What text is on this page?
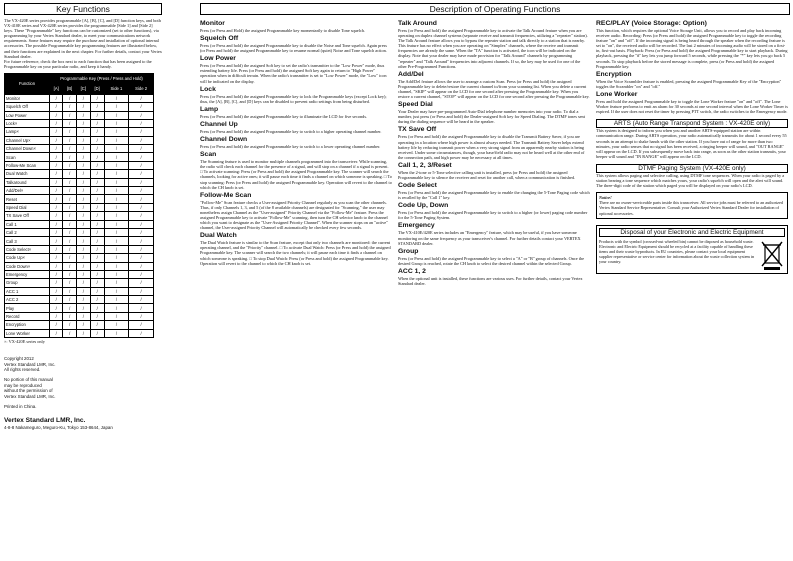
Key Functions	Description of Operating Functions

The VX-420E series provides programmable [A], [B], [C], and [D] function keys, and both VX-410E series and VX-420E series provides the programmable [Side 1] and [Side 2] keys. These "Programmable" key functions can be customized (set to other functions), via programming by your Vertex Standard dealer, to meet your communications network requirements. Some features may require the purchase and installation of optional internal accessories. The possible Programmable key programming features are illustrated below, and their functions are explained in the next chapter. For further details, contact your Vertex Standard dealer.

For future reference, check the box next to each function that has been assigned to the Programmable key on your particular radio, and keep it handy.

Function	Programmable Key (Press / Press and Hold)					
	[A]	[B]	[C]	[D]	Side 1	Side 2
Monitor	/	/	/	/	/	/
Squelch Off	/	/	/	/	/	/
Low Power	/	/	/	/	/	/
Lock×	/	/	/	/	/	/
Lamp×	/	/	/	/	/	/
Channel Up×	/	/	/	/	/	/
Channel Down×	/	/	/	/	/	/
Scan	/	/	/	/	/	/
Follow-Me Scan	/	/	/	/	/	/
Dual Watch	/	/	/	/	/	/
Talkaround	/	/	/	/	/	/
Add/Del×	/	/	/	/	/	/
Reset	/	/	/	/	/	/
Speed Dial	/	/	/	/	/	/
TX Save Off	/	/	/	/	/	/
Call 1	/	/	/	/	/	/
Call 2	/	/	/	/	/	/
Call 3	/	/	/	/	/	/
Code Select×	/	/	/	/	/	/
Code Up×	/	/	/	/	/	/
Code Down×	/	/	/	/	/	/
Emergency	/	/	/	/	/	/
Group	/	/	/	/	/	/
ACC 1	/	/	/	/	/	/
ACC 2	/	/	/	/	/	/
Play	/	/	/	/	/	/
Record	/	/	/	/	/	/
Encryption	/	/	/	/	/	/
Lone Worker	/	/	/	/	/	/
×: VX-420E series only
Copyright 2012
Vertex Standard LMR, Inc.
All rights reserved.
No portion of this manual
may be reproduced
without the permission of
Vertex Standard LMR, Inc.
Printed in China.
Vertex Standard LMR, Inc.
4-8-8 Nakameguro, Meguro-Ku, Tokyo 153-8644, Japan
Monitor

Press (or Press and Hold) the assigned Programmable key momentarily to disable Tone squelch.

Squelch Off

Press (or Press and hold) the assigned Programmable key to disable the Noise and Tone squelch. Again press (or Press and hold) the assigned Programmable key to resume normal (quiet) Noise and Tone squelch action.

Low Power

Press (or Press and hold) the assigned Soft key to set the radio's transmitter to the "Low Power" mode, thus extending battery life. Press (or Press and hold) the assigned Soft key again to return to "High Power" operation when in difficult terrain. When the radio's transmitter is set to "Low Power" mode, the "Low" icon will be indicated on the display.

Lock

Press (or Press and hold) the assigned Programmable key to lock the Programmable keys (except Lock key); thus, the [A], [B], [C], and [D] keys can be disabled to prevent radio settings from being disturbed.

Lamp

Press (or Press and hold) the assigned Programmable key to illuminate the LCD for five seconds.

Channel Up

Press (or Press and hold) the assigned Programmable key to switch to a higher operating channel number.

Channel Down

Press (or Press and hold) the assigned Programmable key to switch to a lower operating channel number.

Scan

The Scanning feature is used to monitor multiple channels programmed into the transceiver. While scanning, the radio will check each channel for the presence of a signal, and will stop on a channel if a signal is present. □ To activate scanning: Press (or Press and hold) the assigned Programmable key. The scanner will search the channels, looking for active ones; it will pause each time it finds a channel on which someone is speaking. □ To stop scanning: Press (or Press and hold) the assigned Programmable key. Operation will revert to the channel to which the CH knob is set.

Follow-Me Scan

"Follow-Me" Scan feature checks a User-assigned Priority Channel regularly as you scan the other channels. Thus, if only Channels 1, 3, and 5 (of the 8 available channels) are designated for "Scanning," the user may nonetheless assign Channel as the "User-assigned" Priority Channel via the "Follow-Me" feature. Press the assigned Programmable key to activate "Follow-Me" scanning, then turn the CH selector knob to the channel which you want to designate as the "User-Assigned Priority Channel". When the scanner stops on an "active" channel, the User-assigned Priority Channel will automatically be checked every few seconds.

Dual Watch

The Dual Watch feature is similar to the Scan feature, except that only two channels are monitored: the current operating channel, and the "Priority" channel. □ To activate Dual Watch: Press (or Press and hold) the assigned Programmable key. The scanner will search the two channels; it will pause each time it finds a channel on which someone is speaking. □ To stop Dual Watch: Press (or Press and hold) the assigned Programmable key. Operation will revert to the channel to which the CH knob is set.

Talk Around

Press (or Press and hold) the assigned Programmable key to activate the Talk Around feature when you are operating on duplex channel systems (separate receive and transmit frequencies, utilizing a "repeater" station). The Talk Around feature allows you to bypass the repeater station and talk directly to a station that is nearby. This feature has no effect when you are operating on "Simplex" channels, where the receive and transmit frequencies are already the same. When the "TA" function is activated, the icon will be indicated on the display. Note that your dealer may have made provision for "Talk Around" channels by programming "repeater" and "Talk Around" frequencies into adjacent channels. If so, the key may be used for one of the other Pre-Programmed Functions.

Add/Del

The Add/Del feature allows the user to arrange a custom Scan. Press (or Press and hold) the assigned Programmable key to delete/restore the current channel to/from your scanning list. When you delete a current channel, "SKIP" will appear on the LCD for one second after pressing the Programmable key. When you restore a current channel, "STOP" will appear on the LCD for one second after pressing the Programmable key.

Speed Dial

Your Dealer may have pre-programmed Auto-Dial telephone number memories into your radio. To dial a number, just press (or Press and hold) the Dealer-assigned Soft key for Speed Dialing. The DTMF tones sent during the dialing sequence will be heard in the speaker.

TX Save Off

Press (or Press and hold) the assigned Programmable key to disable the Transmit Battery Saver, if you are operating in a location where high power is almost always needed. The Transmit Battery Saver helps extend battery life by reducing transmit power when a very strong signal from an apparently nearby station is being received. Under some circumstances, though, your base/field radio may not be heard well at the other end of the connection path, and high power may be necessary at all times.

Call 1, 2, 3/Reset

When the 2-tone or 5-Tone selective calling unit is installed, press (or Press and hold) the assigned Programmable key to silence the receiver and reset for another call, when a communication is finished.

Code Select

Press (or Press and hold) the assigned Programmable key to enable the changing the 5-Tone Paging code which is recalled by the "Call 1" key.

Code Up, Down

Press (or Press and hold) the assigned Programmable key to switch to a higher (or lower) paging code number for the 5-Tone Paging System.

Emergency

The VX-410E/420E series includes an "Emergency" feature, which may be useful, if you have someone monitoring on the same frequency as your transceiver's channel. For further details contact your VERTEX STANDARD dealer.

Group

Press (or Press and hold) the assigned Programmable key to select a "A" or "B" group of channels. Once the desired Group is reached, rotate the CH knob to select the desired channel within the selected Group.

ACC 1, 2

When the optional unit is installed, these functions are various uses. For further details, contact your Vertex Standard dealer.

REC/PLAY (Voice Storage: Option)

This function, which requires the optional Voice Storage Unit, allows you to record and play back incoming receiver audio. Recording: Press (or Press and hold) the assigned Programmable key to toggle the recording feature "on" and "off". If the incoming signal is being heard through the speaker when the recording feature is set to "on", the received audio will be recorded. The last 2 minutes of incoming audio will be stored on a first-in, first-out basis. Playback: Press (or Press and hold) the assigned Programmable key to start playback. During playback, pressing the "#" key lets you jump forward 5 seconds, while pressing the "*" key lets you go back 5 seconds. To stop playback before the stored message is complete, press (or Press and hold) the assigned Programmable key.

Encryption

When the Voice Scrambler feature is enabled, pressing the assigned Programmable Key of the "Encryption" toggles the Scrambler "on" and "off."

Lone Worker

Press and hold the assigned Programmable key to toggle the Lone Worker feature "on" and "off". The Lone Worker feature performs to emit an alarm for 30 seconds at one second interval when the Lone Worker Timer is expired. If the user does not reset the timer by pressing PTT switch, the radio switches to the Emergency mode.

ARTS (Auto Range Transpond System : VX-420E only)

This system is designed to inform you when you and another ARTS-equipped station are within communication range. During ARTS operation, your radio automatically transmits for about 1 second every 55 seconds in an attempt to shake hands with the other station. If you have out of range for more than two minutes, your radio senses that no signal has been received, a ringing beeper will sound, and "OUT RANGE" will appear on the LCD. If you subsequently move back into range, as soon as the other station transmits, your beeper will sound and "IN RANGE" will appear on the LCD.

DTMF Paging System (VX-420E only)

This system allows paging and selective calling, using DTMF tone sequences. When your radio is paged by a station bearing a tone sequence which matches yours, your radio's squelch will open and the alert will sound. The three-digit code of the station which paged you will be displayed on your radio's LCD.

Notice!
There are no owner-serviceable parts inside this transceiver. All service jobs must be referred to an authorized Vertex Standard Service Representative. Consult your Authorized Vertex Standard Dealer for installation of optional accessories.
Disposal of your Electronic and Electric Equipment
Products with the symbol (crossed-out wheeled bin) cannot be disposed as household waste. Electronic and Electric Equipment should be recycled at a facility capable of handling these items and their waste byproducts. In EU countries, please contact your local equipment supplier representative or service center for information about the waste collection system in your country.
